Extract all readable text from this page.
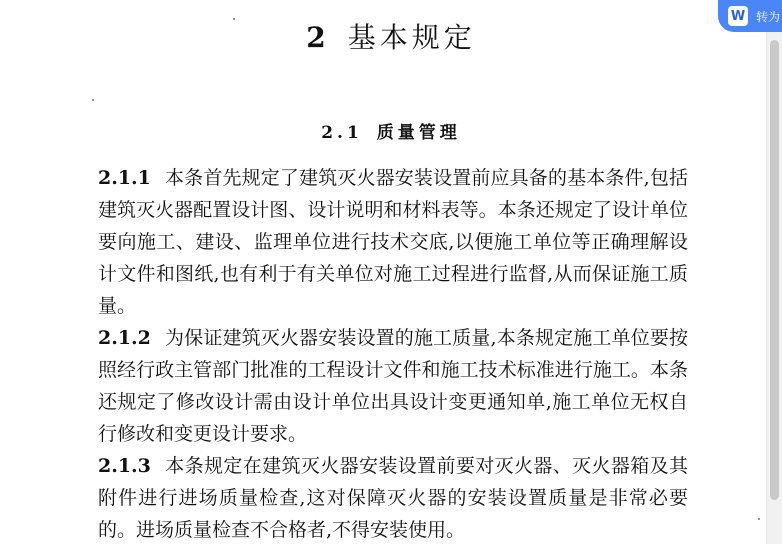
2 基本规定
2.1 质量管理

2.1.1 本条首先规定了建筑灭火器安装设置前应具备的基本条件,包括建筑灭火器配置设计图、设计说明和材料表等。本条还规定了设计单位要向施工、建设、监理单位进行技术交底,以便施工单位等正确理解设计文件和图纸,也有利于有关单位对施工过程进行监督,从而保证施工质量。

2.1.2 为保证建筑灭火器安装设置的施工质量,本条规定施工单位要按照经行政主管部门批准的工程设计文件和施工技术标准进行施工。本条还规定了修改设计需由设计单位出具设计变更通知单,施工单位无权自行修改和变更设计要求。

2.1.3 本条规定在建筑灭火器安装设置前要对灭火器、灭火器箱及其附件进行进场质量检查,这对保障灭火器的安装设置质量是非常必要的。进场质量检查不合格者,不得安装使用。

W 转为
